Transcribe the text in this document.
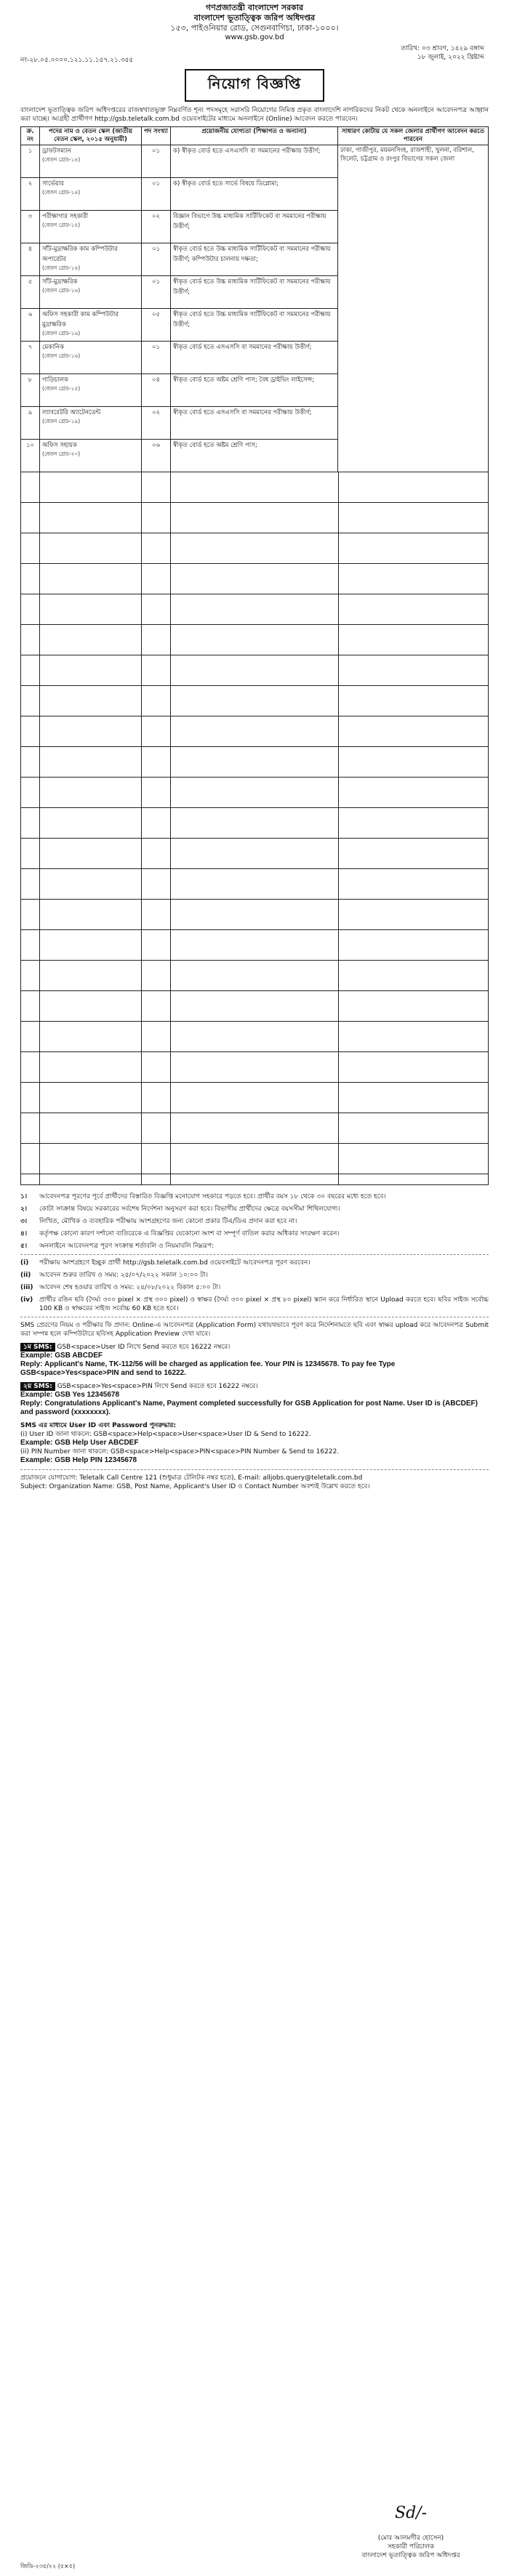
গণপ্রজাতন্ত্রী বাংলাদেশ সরকার
বাংলাদেশ ভূতাত্ত্বিক জরিপ অধিদপ্তর
১৫৩, পাইওনিয়ার রোড, সেগুনবাগিচা, ঢাকা-১০০০।
www.gsb.gov.bd
নং-২৮.০৫.০০০০.১২১.১১.১৫৭.২১.৩৫৫
তারিখ: ০৩ শ্রাবণ, ১৪২৯ বঙ্গাব্দ
১৮ জুলাই, ২০২২ খ্রিষ্টাব্দ
নিয়োগ বিজ্ঞপ্তি
বাংলাদেশ ভূতাত্ত্বিক জরিপ অধিদপ্তরের রাজস্বখাতভুক্ত নিম্নবর্ণিত শূন্য পদসমূহে সরাসরি নিয়োগের নিমিত্ত প্রকৃত বাংলাদেশি নাগরিকদের নিকট থেকে অনলাইনে আবেদনপত্র আহ্বান করা যাচ্ছে। আগ্রহী প্রার্থীগণ http://gsb.teletalk.com.bd ওয়েবসাইটের মাধ্যমে অনলাইনে (Online) আবেদন করতে পারবেন।
ক্র. নং	পদের নাম ও বেতন স্কেল (জাতীয় বেতন স্কেল, ২০১৫ অনুযায়ী)	পদ সংখ্যা	প্রয়োজনীয় যোগ্যতা (শিক্ষাগত ও অন্যান্য)	সাধারণ কোটায় যে সকল জেলার প্রার্থীগণ আবেদন করতে পারবেন
১	ড্রাফটসম্যান
(বেতন গ্রেড-১৪)	০১	ক) স্বীকৃত বোর্ড হতে এসএসসি বা সমমানের পরীক্ষায় উত্তীর্ণ;	ঢাকা, গাজীপুর, ময়মনসিংহ, রাজশাহী, খুলনা, বরিশাল, সিলেট, চট্টগ্রাম ও রংপুর বিভাগের সকল জেলা
২	সার্ভেয়ার
(বেতন গ্রেড-১৪)	০১	ক) স্বীকৃত বোর্ড হতে সার্ভে বিষয়ে ডিপ্লোমা;	
৩	পরীক্ষাগার সহকারী
(বেতন গ্রেড-১৫)	০২	বিজ্ঞান বিভাগে উচ্চ মাধ্যমিক সার্টিফিকেট বা সমমানের পরীক্ষায় উত্তীর্ণ;	
৪	সাঁট-মুদ্রাক্ষরিক কাম কম্পিউটার অপারেটর
(বেতন গ্রেড-১৪)	০১	স্বীকৃত বোর্ড হতে উচ্চ মাধ্যমিক সার্টিফিকেট বা সমমানের পরীক্ষায় উত্তীর্ণ; কম্পিউটার চালনায় দক্ষতা;	
৫	সাঁট-মুদ্রাক্ষরিক
(বেতন গ্রেড-১৬)	০১	স্বীকৃত বোর্ড হতে উচ্চ মাধ্যমিক সার্টিফিকেট বা সমমানের পরীক্ষায় উত্তীর্ণ;	
৬	অফিস সহকারী কাম কম্পিউটার মুদ্রাক্ষরিক
(বেতন গ্রেড-১৬)	০৫	স্বীকৃত বোর্ড হতে উচ্চ মাধ্যমিক সার্টিফিকেট বা সমমানের পরীক্ষায় উত্তীর্ণ;	
৭	মেকানিক
(বেতন গ্রেড-১৬)	০১	স্বীকৃত বোর্ড হতে এসএসসি বা সমমানের পরীক্ষায় উত্তীর্ণ;	
৮	গাড়িচালক
(বেতন গ্রেড-১৫)	০৪	স্বীকৃত বোর্ড হতে অষ্টম শ্রেণি পাস; বৈধ ড্রাইভিং লাইসেন্স;	
৯	ল্যাবরেটরি অ্যাটেনডেন্ট
(বেতন গ্রেড-১৯)	০২	স্বীকৃত বোর্ড হতে এসএসসি বা সমমানের পরীক্ষায় উত্তীর্ণ;	
১০	অফিস সহায়ক
(বেতন গ্রেড-২০)	০৬	স্বীকৃত বোর্ড হতে অষ্টম শ্রেণি পাস;	
১।	আবেদনপত্র পূরণের পূর্বে প্রার্থীদের বিস্তারিত বিজ্ঞপ্তি মনোযোগ সহকারে পড়তে হবে। প্রার্থীর বয়স ১৮ থেকে ৩০ বছরের মধ্যে হতে হবে।
২।	কোটা সংক্রান্ত বিষয়ে সরকারের সর্বশেষ নির্দেশনা অনুসরণ করা হবে। বিভাগীয় প্রার্থীদের ক্ষেত্রে বয়সসীমা শিথিলযোগ্য।
৩।	লিখিত, মৌখিক ও ব্যবহারিক পরীক্ষায় অংশগ্রহণের জন্য কোনো প্রকার টিএ/ডিএ প্রদান করা হবে না।
৪।	কর্তৃপক্ষ কোনো কারণ দর্শানো ব্যতিরেকে এ বিজ্ঞপ্তির যেকোনো অংশ বা সম্পূর্ণ বাতিল করার অধিকার সংরক্ষণ করেন।
৫।	অনলাইনে আবেদনপত্র পূরণ সংক্রান্ত শর্তাবলি ও নিয়মাবলি নিম্নরূপ:
(i)	পরীক্ষায় অংশগ্রহণে ইচ্ছুক প্রার্থী http://gsb.teletalk.com.bd ওয়েবসাইটে আবেদনপত্র পূরণ করবেন।
(ii)	আবেদন শুরুর তারিখ ও সময়: ২৫/০৭/২০২২ সকাল ১০:০০ টা।
(iii) আবেদন শেষ হওয়ার তারিখ ও সময়: ২৪/০৮/২০২২ বিকাল ৫:০০ টা।
(iv) প্রার্থীর রঙিন ছবি (দৈর্ঘ্য ৩০০ pixel × প্রস্থ ৩০০ pixel) ও স্বাক্ষর (দৈর্ঘ্য ৩০০ pixel × প্রস্থ ৮০ pixel) স্ক্যান করে নির্ধারিত স্থানে Upload করতে হবে। ছবির সাইজ সর্বোচ্চ 100 KB ও স্বাক্ষরের সাইজ সর্বোচ্চ 60 KB হতে হবে।
SMS প্রেরণের নিয়ম ও পরীক্ষার ফি প্রদান: Online-এ আবেদনপত্র (Application Form) যথাযথভাবে পূরণ করে নির্দেশনামতে ছবি এবং স্বাক্ষর upload করে আবেদনপত্র Submit করা সম্পন্ন হলে কম্পিউটারে ছবিসহ Application Preview দেখা যাবে।
১ম SMS: GSB<space>User ID লিখে Send করতে হবে 16222 নম্বরে।
Example: GSB ABCDEF
Reply: Applicant's Name, TK-112/56 will be charged as application fee. Your PIN is 12345678. To pay fee Type GSB<space>Yes<space>PIN and send to 16222.
২য় SMS: GSB<space>Yes<space>PIN লিখে Send করতে হবে 16222 নম্বরে।
Example: GSB Yes 12345678
Reply: Congratulations Applicant's Name, Payment completed successfully for GSB Application for post Name. User ID is (ABCDEF) and password (xxxxxxxx).
SMS এর মাধ্যমে User ID এবং Password পুনরুদ্ধার:
(i) User ID জানা থাকলে: GSB<space>Help<space>User<space>User ID & Send to 16222.
Example: GSB Help User ABCDEF
(ii) PIN Number জানা থাকলে: GSB<space>Help<space>PIN<space>PIN Number & Send to 16222.
Example: GSB Help PIN 12345678
প্রয়োজনে যোগাযোগ: Teletalk Call Centre 121 (শুধুমাত্র টেলিটক নম্বর হতে), E-mail: alljobs.query@teletalk.com.bd
Subject: Organization Name: GSB, Post Name, Applicant's User ID ও Contact Number অবশ্যই উল্লেখ করতে হবে।
Sd/-
(মোঃ আলমগীর হোসেন)
সহকারী পরিচালক
বাংলাদেশ ভূতাত্ত্বিক জরিপ অধিদপ্তর
জিডি-২৩৫/২২ (৫×৫)
